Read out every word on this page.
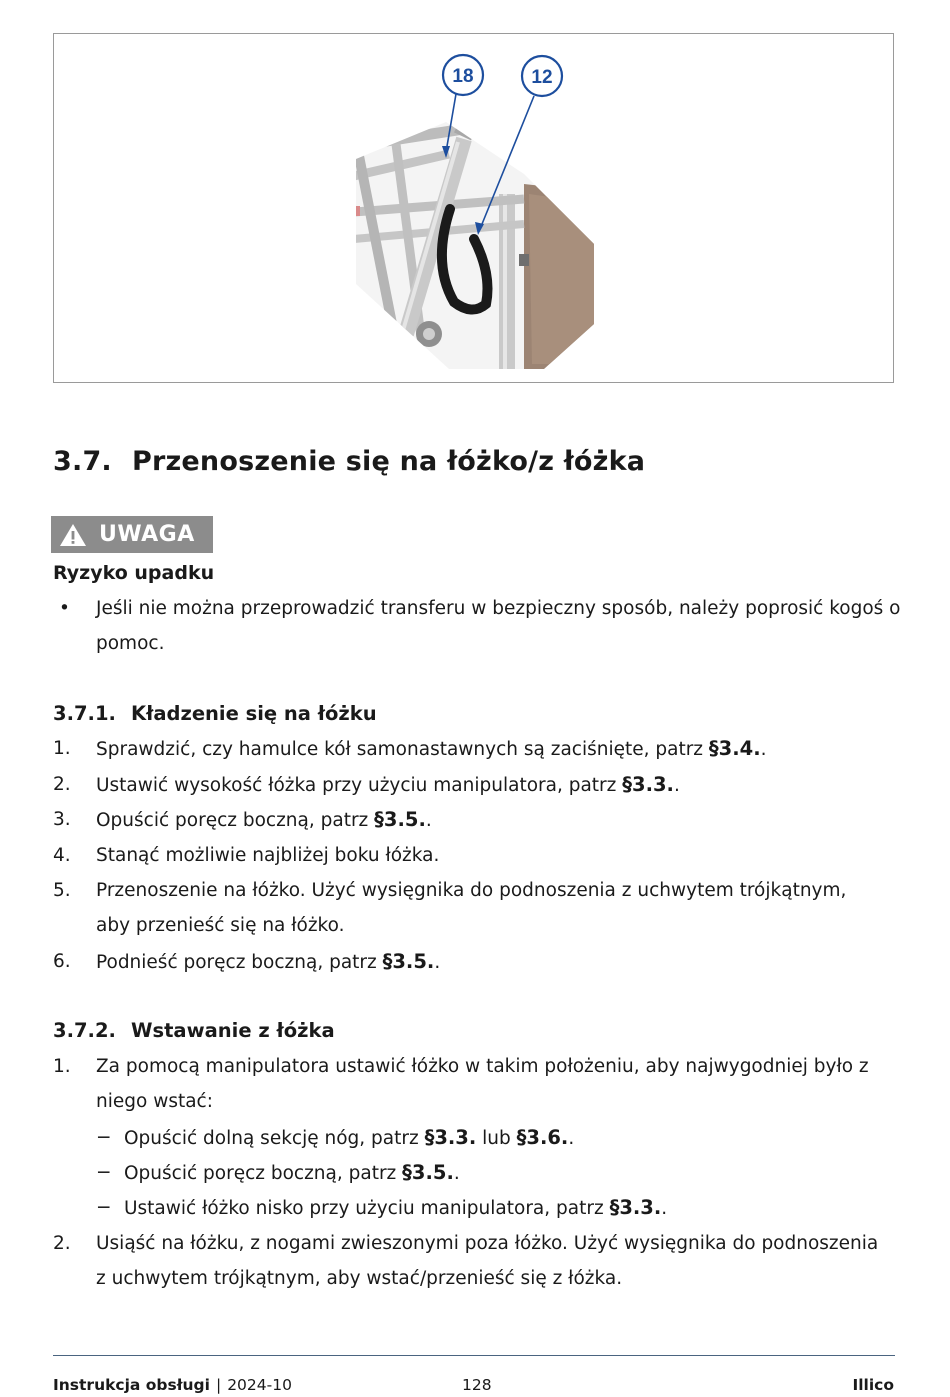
18	12
3.7. Przenoszenie się na łóżko/z łóżka
UWAGA

Ryzyko upadku

• Jeśli nie można przeprowadzić transferu w bezpieczny sposób, należy poprosić kogoś o pomoc.
3.7.1. Kładzenie się na łóżku
1. Sprawdzić, czy hamulce kół samonastawnych są zaciśnięte, patrz §3.4..
2. Ustawić wysokość łóżka przy użyciu manipulatora, patrz §3.3..
3. Opuścić poręcz boczną, patrz §3.5..
4. Stanąć możliwie najbliżej boku łóżka.
5. Przenoszenie na łóżko. Użyć wysięgnika do podnoszenia z uchwytem trójkątnym, aby przenieść się na łóżko.
6. Podnieść poręcz boczną, patrz §3.5..
3.7.2. Wstawanie z łóżka
1. Za pomocą manipulatora ustawić łóżko w takim położeniu, aby najwygodniej było z niego wstać:
− Opuścić dolną sekcję nóg, patrz §3.3. lub §3.6..
− Opuścić poręcz boczną, patrz §3.5..
− Ustawić łóżko nisko przy użyciu manipulatora, patrz §3.3..
2. Usiąść na łóżku, z nogami zwieszonymi poza łóżko. Użyć wysięgnika do podnoszenia z uchwytem trójkątnym, aby wstać/przenieść się z łóżka.
Instrukcja obsługi | 2024-10	128	Illico
